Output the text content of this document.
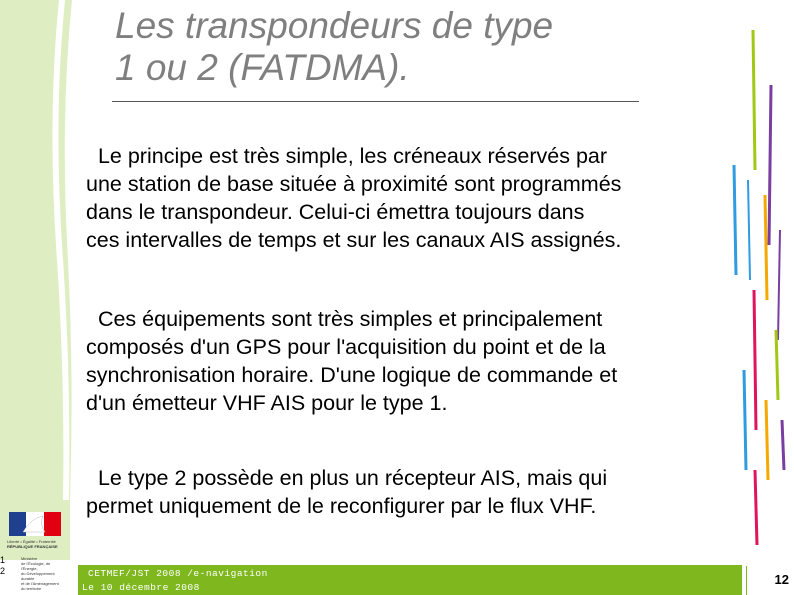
Les transpondeurs de type
1 ou 2 (FATDMA).
Le principe est très simple, les créneaux réservés par
une station de base située à proximité sont programmés
dans le transpondeur. Celui-ci émettra toujours dans
ces intervalles de temps et sur les canaux AIS assignés.
Ces équipements sont très simples et principalement
composés d'un GPS pour l'acquisition du point et de la
synchronisation horaire. D'une logique de commande et
d'un émetteur VHF AIS pour le type 1.
Le type 2 possède en plus un récepteur AIS, mais qui
permet uniquement de le reconfigurer par le flux VHF.
Liberté • Égalité • Fraternité
RÉPUBLIQUE FRANÇAISE
Ministère
de l'Écologie, de l'Énergie,
du Développement durable
et de l'Aménagement
du territoire
1
2	CETMEF/JST 2008 /e-navigation
Le 10 décembre 2008
12
